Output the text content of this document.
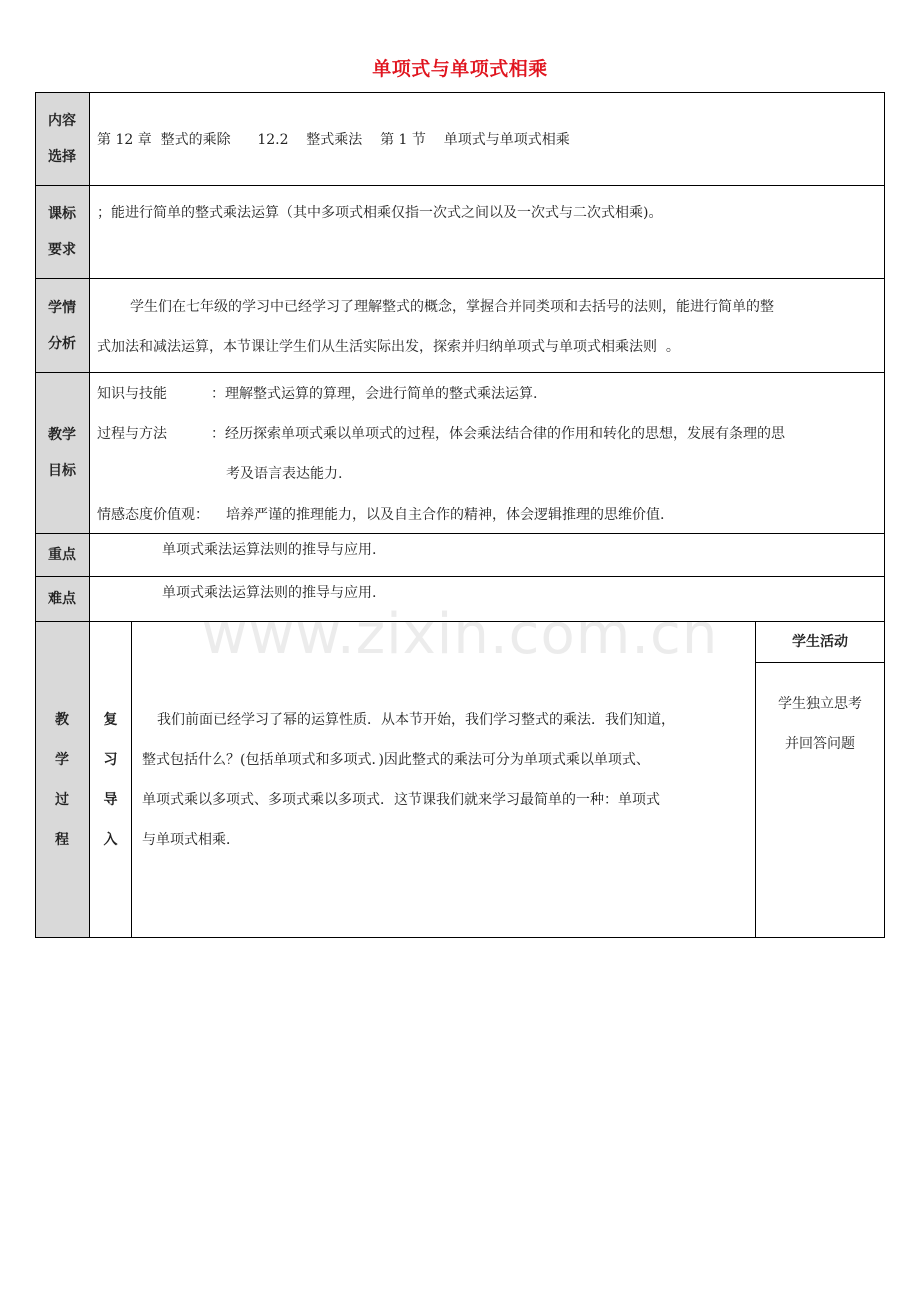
单项式与单项式相乘
www.zixin.com.cn
内容
选择
课标
要求
学情
分析
教学
目标
重点
难点
教
学
过
程
第 12 章  整式的乘除      12.2    整式乘法    第 1 节    单项式与单项式相乘
；能进行简单的整式乘法运算（其中多项式相乘仅指一次式之间以及一次式与二次式相乘)。
学生们在七年级的学习中已经学习了理解整式的概念，掌握合并同类项和去括号的法则，能进行简单的整
式加法和减法运算，本节课让学生们从生活实际出发，探索并归纳单项式与单项式相乘法则  。
知识与技能	：理解整式运算的算理，会进行简单的整式乘法运算.
过程与方法	：经历探索单项式乘以单项式的过程，体会乘法结合律的作用和转化的思想，发展有条理的思
考及语言表达能力.
情感态度价值观： 培养严谨的推理能力，以及自主合作的精神，体会逻辑推理的思维价值.
单项式乘法运算法则的推导与应用.
单项式乘法运算法则的推导与应用.
复
习
导
入
我们前面已经学习了幂的运算性质．从本节开始，我们学习整式的乘法．我们知道，
整式包括什么？(包括单项式和多项式．)因此整式的乘法可分为单项式乘以单项式、
单项式乘以多项式、多项式乘以多项式．这节课我们就来学习最简单的一种：单项式
与单项式相乘．
学生活动
学生独立思考
并回答问题
